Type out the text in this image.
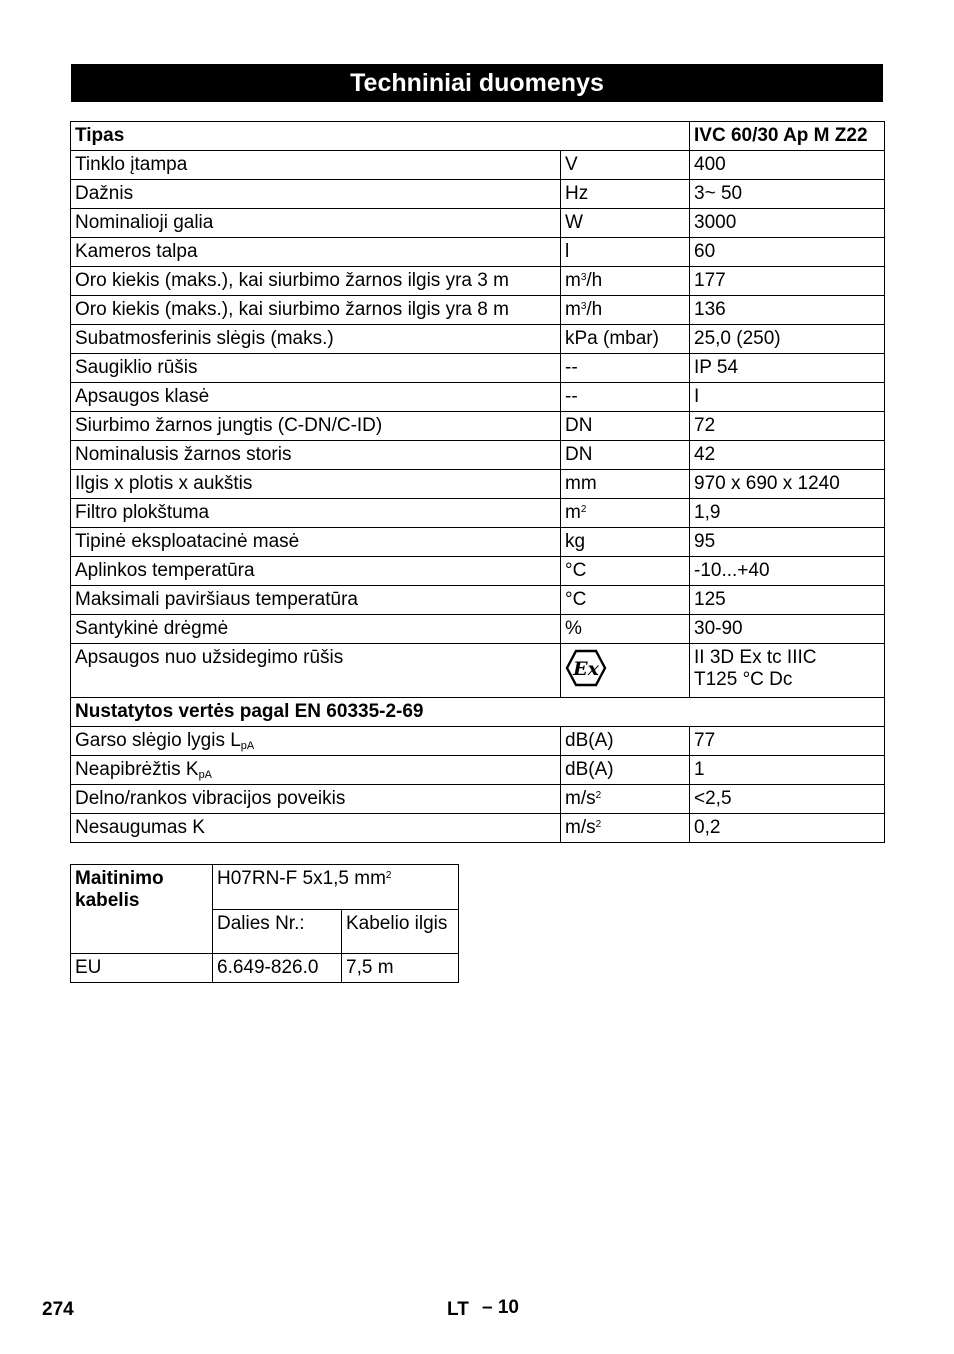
Techniniai duomenys
Tipas		IVC 60/30 Ap M Z22
Tinklo įtampa	V	400
Dažnis	Hz	3~ 50
Nominalioji galia	W	3000
Kameros talpa	l	60
Oro kiekis (maks.), kai siurbimo žarnos ilgis yra 3 m	$m^3/h$	177
Oro kiekis (maks.), kai siurbimo žarnos ilgis yra 8 m	$m^3/h$	136
Subatmosferinis slėgis (maks.)	kPa (mbar)	25,0 (250)
Saugiklio rūšis	--	IP 54
Apsaugos klasė	--	I
Siurbimo žarnos jungtis (C-DN/C-ID)	DN	72
Nominalusis žarnos storis	DN	42
Ilgis x plotis x aukštis	mm	970 x 690 x 1240
Filtro plokštuma	$m^2$	1,9
Tipinė eksploatacinė masė	kg	95
Aplinkos temperatūra	°C	-10...+40
Maksimali paviršiaus temperatūra	°C	125
Santykinė drėgmė	%	30-90
Apsaugos nuo užsidegimo rūšis	Ex	II 3D Ex tc IIIC
T125 °C Dc

Nustatytos vertės pagal EN 60335-2-69		
Garso slėgio lygis $L_{pA}$	dB(A)	77
Neapibrėžtis $K_{pA}$	dB(A)	1
Delno/rankos vibracijos poveikis	$m/s^2$	<2,5
Nesaugumas K	$m/s^2$	0,2
Maitinimo kabelis	H07RN-F 5x1,5 $mm^2$
	Dalies Nr.:	Kabelio ilgis
EU	6.649-826.0	7,5 m
274	LT – 10
